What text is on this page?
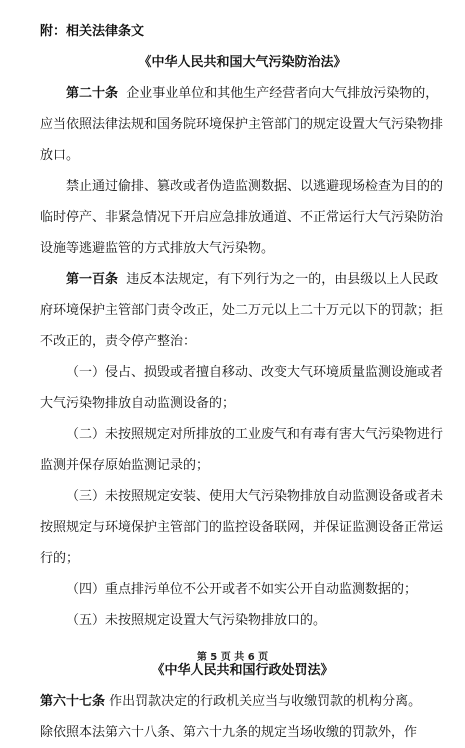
附：相关法律条文
《中华人民共和国大气污染防治法》
第二十条 企业事业单位和其他生产经营者向大气排放污染物的，
应当依照法律法规和国务院环境保护主管部门的规定设置大气污染物排
放口。
禁止通过偷排、篡改或者伪造监测数据、以逃避现场检查为目的的
临时停产、非紧急情况下开启应急排放通道、不正常运行大气污染防治
设施等逃避监管的方式排放大气污染物。
第一百条 违反本法规定，有下列行为之一的，由县级以上人民政
府环境保护主管部门责令改正，处二万元以上二十万元以下的罚款；拒
不改正的，责令停产整治：
（一）侵占、损毁或者擅自移动、改变大气环境质量监测设施或者
大气污染物排放自动监测设备的；
（二）未按照规定对所排放的工业废气和有毒有害大气污染物进行
监测并保存原始监测记录的；
（三）未按照规定安装、使用大气污染物排放自动监测设备或者未
按照规定与环境保护主管部门的监控设备联网，并保证监测设备正常运
行的；
（四）重点排污单位不公开或者不如实公开自动监测数据的；
（五）未按照规定设置大气污染物排放口的。
《中华人民共和国行政处罚法》
第六十七条 作出罚款决定的行政机关应当与收缴罚款的机构分离。
除依照本法第六十八条、第六十九条的规定当场收缴的罚款外，作
第 5 页 共 6 页
